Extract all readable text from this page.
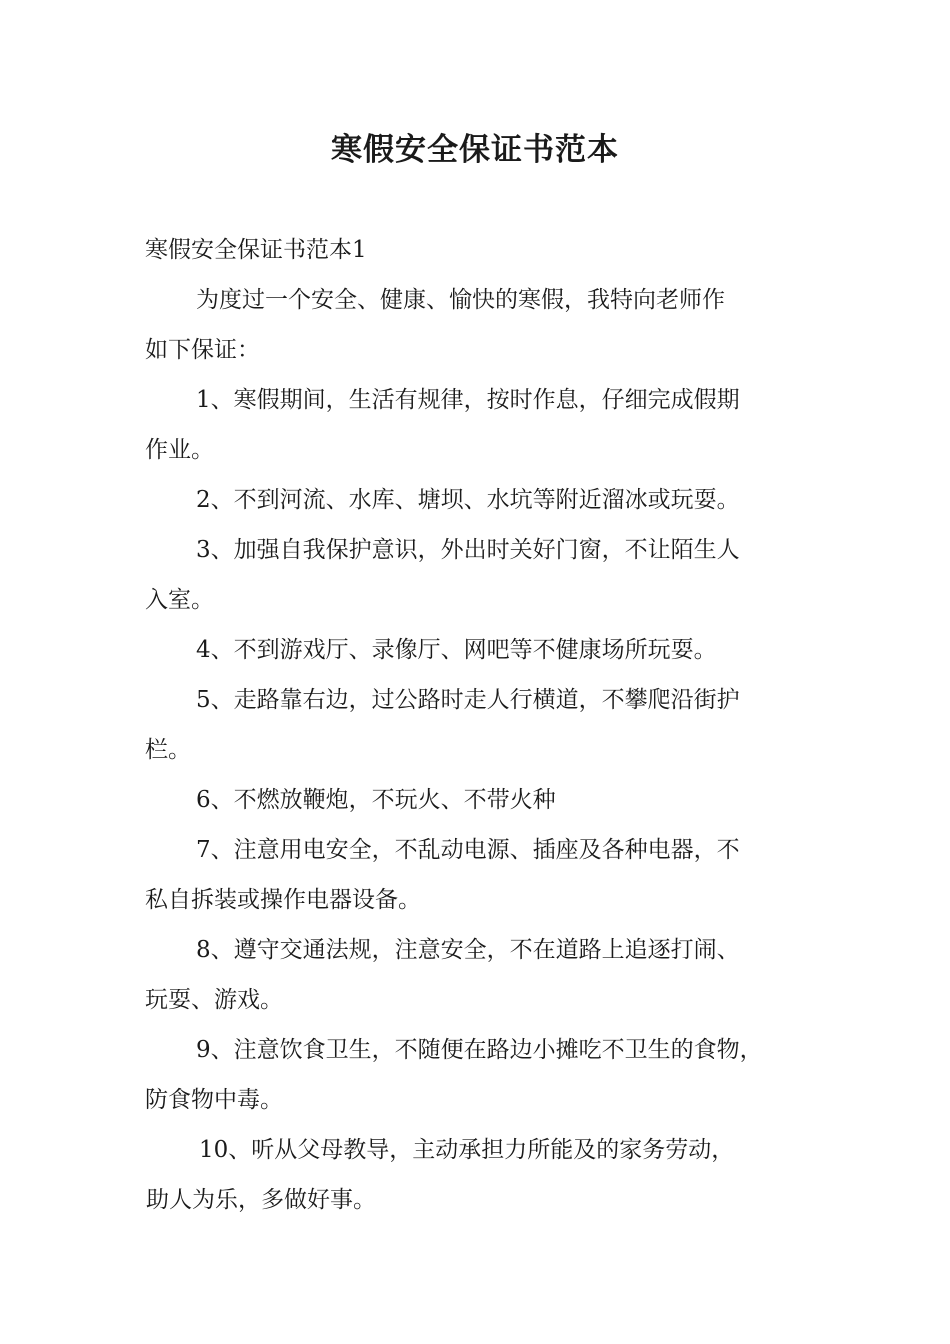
寒假安全保证书范本
寒假安全保证书范本1
为度过一个安全、健康、愉快的寒假，我特向老师作
如下保证：
1、寒假期间，生活有规律，按时作息，仔细完成假期
作业。
2、不到河流、水库、塘坝、水坑等附近溜冰或玩耍。
3、加强自我保护意识，外出时关好门窗，不让陌生人
入室。
4、不到游戏厅、录像厅、网吧等不健康场所玩耍。
5、走路靠右边，过公路时走人行横道，不攀爬沿街护
栏。
6、不燃放鞭炮，不玩火、不带火种
7、注意用电安全，不乱动电源、插座及各种电器，不
私自拆装或操作电器设备。
8、遵守交通法规，注意安全，不在道路上追逐打闹、
玩耍、游戏。
9、注意饮食卫生，不随便在路边小摊吃不卫生的食物，
防食物中毒。
10、听从父母教导，主动承担力所能及的家务劳动，
助人为乐，多做好事。
